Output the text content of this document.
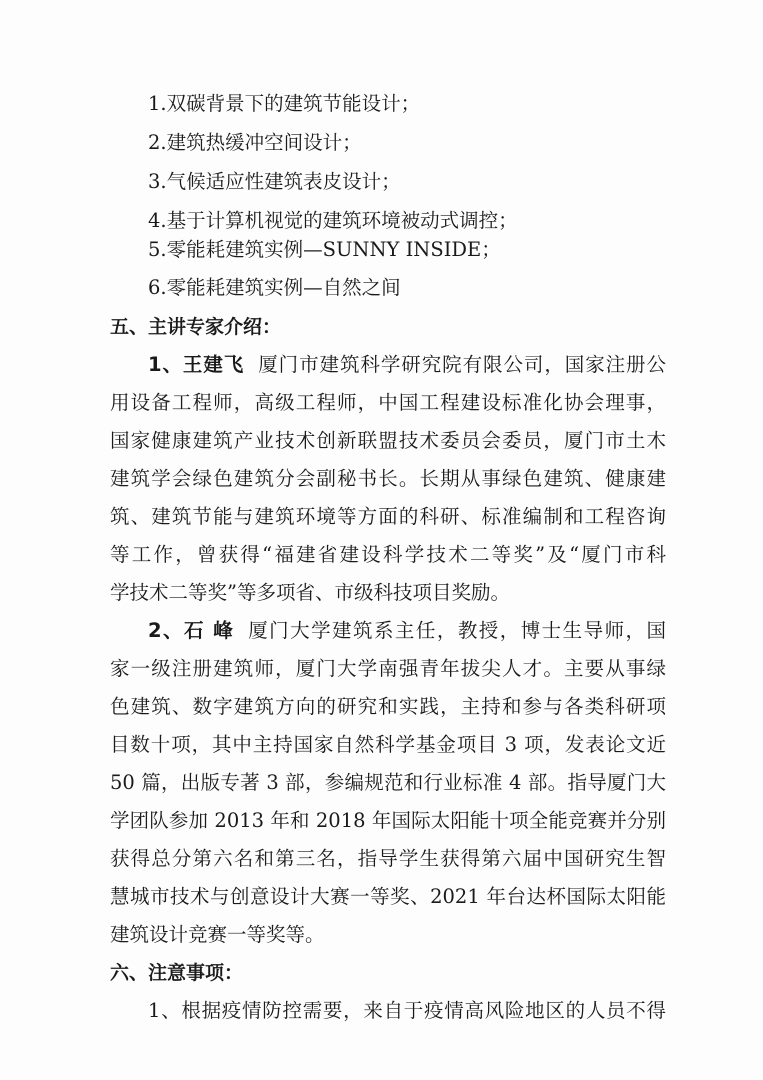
1.双碳背景下的建筑节能设计；
2.建筑热缓冲空间设计；
3.气候适应性建筑表皮设计；
4.基于计算机视觉的建筑环境被动式调控；
5.零能耗建筑实例—SUNNY INSIDE；
6.零能耗建筑实例—自然之间
五、主讲专家介绍：
1、王建飞 厦门市建筑科学研究院有限公司，国家注册公
用设备工程师，高级工程师，中国工程建设标准化协会理事，
国家健康建筑产业技术创新联盟技术委员会委员，厦门市土木
建筑学会绿色建筑分会副秘书长。长期从事绿色建筑、健康建
筑、建筑节能与建筑环境等方面的科研、标准编制和工程咨询
等工作，曾获得“福建省建设科学技术二等奖”及“厦门市科
学技术二等奖”等多项省、市级科技项目奖励。
2、石 峰 厦门大学建筑系主任，教授，博士生导师，国
家一级注册建筑师，厦门大学南强青年拔尖人才。主要从事绿
色建筑、数字建筑方向的研究和实践，主持和参与各类科研项
目数十项，其中主持国家自然科学基金项目 3 项，发表论文近
50 篇，出版专著 3 部，参编规范和行业标准 4 部。指导厦门大
学团队参加 2013 年和 2018 年国际太阳能十项全能竞赛并分别
获得总分第六名和第三名，指导学生获得第六届中国研究生智
慧城市技术与创意设计大赛一等奖、2021 年台达杯国际太阳能
建筑设计竞赛一等奖等。
六、注意事项：
1、根据疫情防控需要，来自于疫情高风险地区的人员不得
